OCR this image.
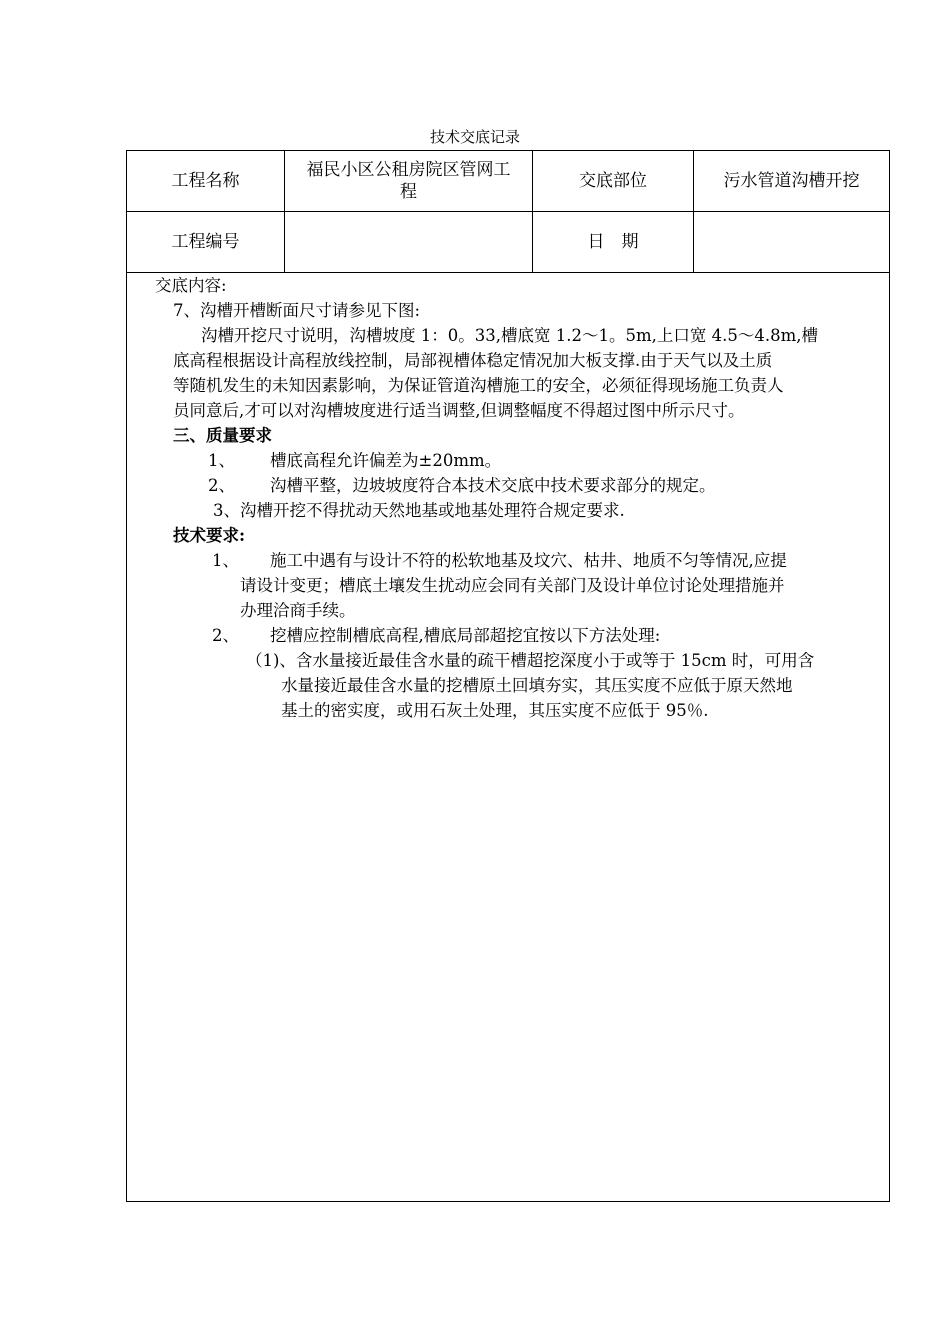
技术交底记录
工程名称
福民小区公租房院区管网工
程
交底部位	污水管道沟槽开挖
工程编号	日　期
交底内容:
7、沟槽开槽断面尺寸请参见下图:
沟槽开挖尺寸说明，沟槽坡度 1：0。33,槽底宽 1.2～1。5m,上口宽 4.5～4.8m,槽
底高程根据设计高程放线控制，局部视槽体稳定情况加大板支撑.由于天气以及土质
等随机发生的未知因素影响，为保证管道沟槽施工的安全，必须征得现场施工负责人
员同意后,才可以对沟槽坡度进行适当调整,但调整幅度不得超过图中所示尺寸。
三、质量要求
1、 槽底高程允许偏差为±20mm。
2、 沟槽平整，边坡坡度符合本技术交底中技术要求部分的规定。
3、沟槽开挖不得扰动天然地基或地基处理符合规定要求.
技术要求:
1、 施工中遇有与设计不符的松软地基及坟穴、枯井、地质不匀等情况,应提
请设计变更；槽底土壤发生扰动应会同有关部门及设计单位讨论处理措施并
办理洽商手续。
2、 挖槽应控制槽底高程,槽底局部超挖宜按以下方法处理:
（1)、含水量接近最佳含水量的疏干槽超挖深度小于或等于 15cm 时，可用含
水量接近最佳含水量的挖槽原土回填夯实，其压实度不应低于原天然地
基土的密实度，或用石灰土处理，其压实度不应低于 95％.
